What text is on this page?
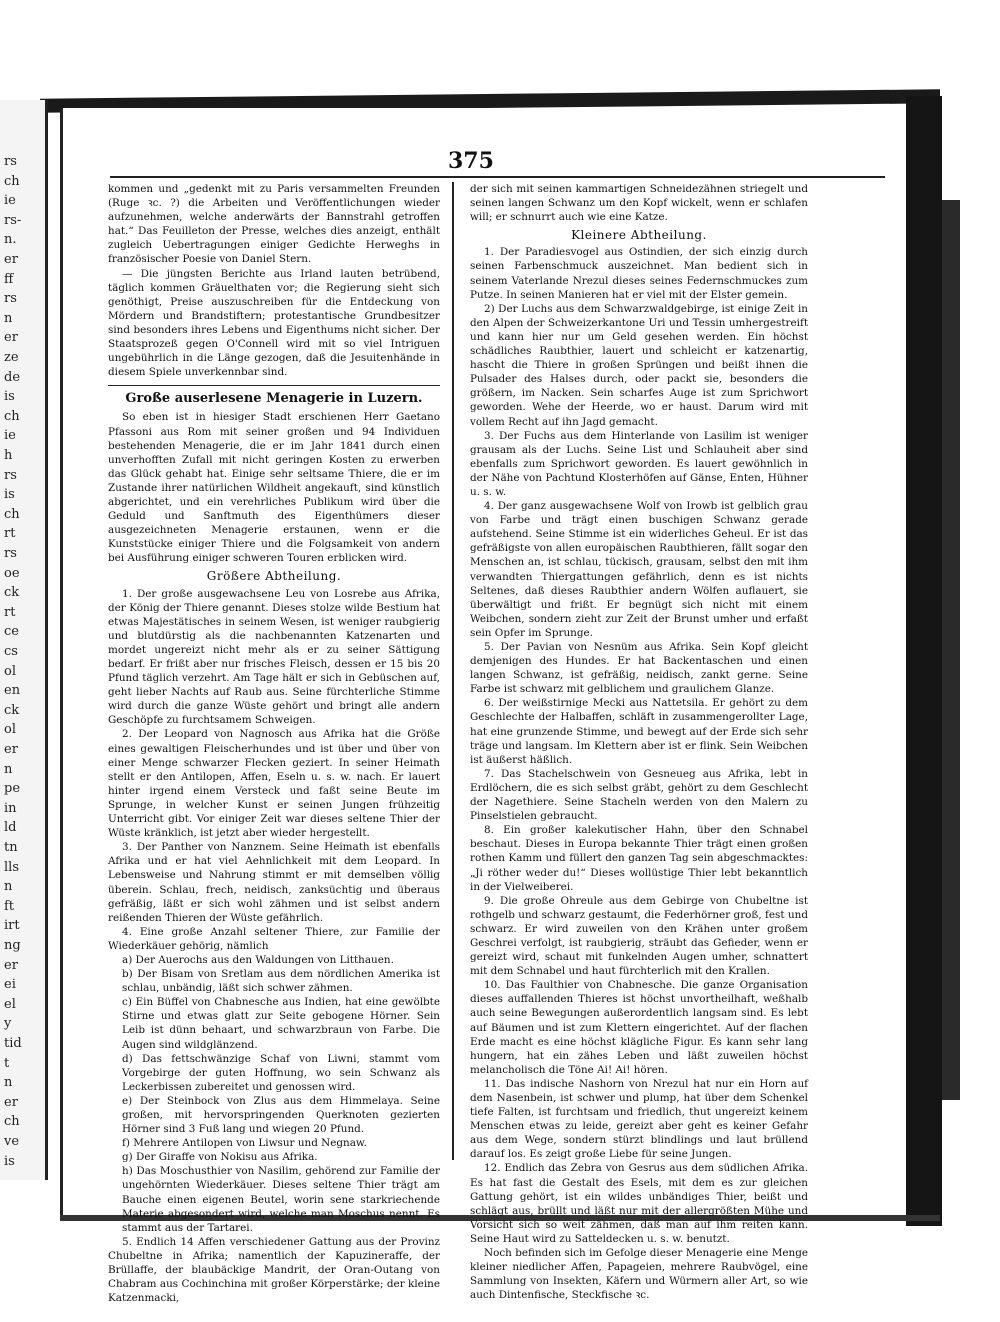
rs
ch
ie
rs-
n.
er
ff
rs
n
er
ze
de
is
ch
ie
h
rs
is
ch
rt
rs
oe
ck
rt
ce
cs
ol
en
ck
ol
er
n
pe
in
ld
tn
lls
n
ft
irt
ng
er
ei
el
y
tid
t
n
er
ch
ve
is
375

kommen und „gedenkt mit zu Paris versammelten Freunden (Ruge ꝛc. ?) die Arbeiten und Veröffentlichungen wieder aufzunehmen, welche anderwärts der Bannstrahl getroffen hat.“ Das Feuilleton der Presse, welches dies anzeigt, enthält zugleich Uebertragungen einiger Gedichte Herweghs in französischer Poesie von Daniel Stern.

— Die jüngsten Berichte aus Irland lauten betrübend, täglich kommen Gräuelthaten vor; die Regierung sieht sich genöthigt, Preise auszuschreiben für die Entdeckung von Mördern und Brandstiftern; protestantische Grundbesitzer sind besonders ihres Lebens und Eigenthums nicht sicher. Der Staatsprozeß gegen O'Connell wird mit so viel Intriguen ungebührlich in die Länge gezogen, daß die Jesuitenhände in diesem Spiele unverkennbar sind.

Große auserlesene Menagerie in Luzern.

So eben ist in hiesiger Stadt erschienen Herr Gaetano Pfassoni aus Rom mit seiner großen und 94 Individuen bestehenden Menagerie, die er im Jahr 1841 durch einen unverhofften Zufall mit nicht geringen Kosten zu erwerben das Glück gehabt hat. Einige sehr seltsame Thiere, die er im Zustande ihrer natürlichen Wildheit angekauft, sind künstlich abgerichtet, und ein verehrliches Publikum wird über die Geduld und Sanftmuth des Eigenthümers dieser ausgezeichneten Menagerie erstaunen, wenn er die Kunststücke einiger Thiere und die Folgsamkeit von andern bei Ausführung einiger schweren Touren erblicken wird.

Größere Abtheilung.

1. Der große ausgewachsene Leu von Losrebe aus Afrika, der König der Thiere genannt. Dieses stolze wilde Bestium hat etwas Majestätisches in seinem Wesen, ist weniger raubgierig und blutdürstig als die nachbenannten Katzenarten und mordet ungereizt nicht mehr als er zu seiner Sättigung bedarf. Er frißt aber nur frisches Fleisch, dessen er 15 bis 20 Pfund täglich verzehrt. Am Tage hält er sich in Gebüschen auf, geht lieber Nachts auf Raub aus. Seine fürchterliche Stimme wird durch die ganze Wüste gehört und bringt alle andern Geschöpfe zu furchtsamem Schweigen.

2. Der Leopard von Nagnosch aus Afrika hat die Größe eines gewaltigen Fleischerhundes und ist über und über von einer Menge schwarzer Flecken geziert. In seiner Heimath stellt er den Antilopen, Affen, Eseln u. s. w. nach. Er lauert hinter irgend einem Versteck und faßt seine Beute im Sprunge, in welcher Kunst er seinen Jungen frühzeitig Unterricht gibt. Vor einiger Zeit war dieses seltene Thier der Wüste kränklich, ist jetzt aber wieder hergestellt.

3. Der Panther von Nanznem. Seine Heimath ist ebenfalls Afrika und er hat viel Aehnlichkeit mit dem Leopard. In Lebensweise und Nahrung stimmt er mit demselben völlig überein. Schlau, frech, neidisch, zanksüchtig und überaus gefräßig, läßt er sich wohl zähmen und ist selbst andern reißenden Thieren der Wüste gefährlich.

4. Eine große Anzahl seltener Thiere, zur Familie der Wiederkäuer gehörig, nämlich

a) Der Auerochs aus den Waldungen von Litthauen.

b) Der Bisam von Sretlam aus dem nördlichen Amerika ist schlau, unbändig, läßt sich schwer zähmen.

c) Ein Büffel von Chabnesche aus Indien, hat eine gewölbte Stirne und etwas glatt zur Seite gebogene Hörner. Sein Leib ist dünn behaart, und schwarzbraun von Farbe. Die Augen sind wildglänzend.

d) Das fettschwänzige Schaf von Liwni, stammt vom Vorgebirge der guten Hoffnung, wo sein Schwanz als Leckerbissen zubereitet und genossen wird.

e) Der Steinbock von Zlus aus dem Himmelaya. Seine großen, mit hervorspringenden Querknoten gezierten Hörner sind 3 Fuß lang und wiegen 20 Pfund.

f) Mehrere Antilopen von Liwsur und Negnaw.

g) Der Giraffe von Nokisu aus Afrika.

h) Das Moschusthier von Nasilim, gehörend zur Familie der ungehörnten Wiederkäuer. Dieses seltene Thier trägt am Bauche einen eigenen Beutel, worin sene starkriechende Materie abgesondert wird, welche man Moschus nennt. Es stammt aus der Tartarei.

5. Endlich 14 Affen verschiedener Gattung aus der Provinz Chubeltne in Afrika; namentlich der Kapuzineraffe, der Brüllaffe, der blaubäckige Mandrit, der Oran-Outang von Chabram aus Cochinchina mit großer Körperstärke; der kleine Katzenmacki,

der sich mit seinen kammartigen Schneidezähnen striegelt und seinen langen Schwanz um den Kopf wickelt, wenn er schlafen will; er schnurrt auch wie eine Katze.

Kleinere Abtheilung.

1. Der Paradiesvogel aus Ostindien, der sich einzig durch seinen Farbenschmuck auszeichnet. Man bedient sich in seinem Vaterlande Nrezul dieses seines Federnschmuckes zum Putze. In seinen Manieren hat er viel mit der Elster gemein.

2) Der Luchs aus dem Schwarzwaldgebirge, ist einige Zeit in den Alpen der Schweizerkantone Uri und Tessin umhergestreift und kann hier nur um Geld gesehen werden. Ein höchst schädliches Raubthier, lauert und schleicht er katzenartig, hascht die Thiere in großen Sprüngen und beißt ihnen die Pulsader des Halses durch, oder packt sie, besonders die größern, im Nacken. Sein scharfes Auge ist zum Sprichwort geworden. Wehe der Heerde, wo er haust. Darum wird mit vollem Recht auf ihn Jagd gemacht.

3. Der Fuchs aus dem Hinterlande von Lasilim ist weniger grausam als der Luchs. Seine List und Schlauheit aber sind ebenfalls zum Sprichwort geworden. Es lauert gewöhnlich in der Nähe von Pachtund Klosterhöfen auf Gänse, Enten, Hühner u. s. w.

4. Der ganz ausgewachsene Wolf von Irowb ist gelblich grau von Farbe und trägt einen buschigen Schwanz gerade aufstehend. Seine Stimme ist ein widerliches Geheul. Er ist das gefräßigste von allen europäischen Raubthieren, fällt sogar den Menschen an, ist schlau, tückisch, grausam, selbst den mit ihm verwandten Thiergattungen gefährlich, denn es ist nichts Seltenes, daß dieses Raubthier andern Wölfen auflauert, sie überwältigt und frißt. Er begnügt sich nicht mit einem Weibchen, sondern zieht zur Zeit der Brunst umher und erfaßt sein Opfer im Sprunge.

5. Der Pavian von Nesnüm aus Afrika. Sein Kopf gleicht demjenigen des Hundes. Er hat Backentaschen und einen langen Schwanz, ist gefräßig, neidisch, zankt gerne. Seine Farbe ist schwarz mit gelblichem und graulichem Glanze.

6. Der weißstirnige Mecki aus Nattetsila. Er gehört zu dem Geschlechte der Halbaffen, schläft in zusammengerollter Lage, hat eine grunzende Stimme, und bewegt auf der Erde sich sehr träge und langsam. Im Klettern aber ist er flink. Sein Weibchen ist äußerst häßlich.

7. Das Stachelschwein von Gesneueg aus Afrika, lebt in Erdlöchern, die es sich selbst gräbt, gehört zu dem Geschlecht der Nagethiere. Seine Stacheln werden von den Malern zu Pinselstielen gebraucht.

8. Ein großer kalekutischer Hahn, über den Schnabel beschaut. Dieses in Europa bekannte Thier trägt einen großen rothen Kamm und füllert den ganzen Tag sein abgeschmacktes: „Ji röther weder du!“ Dieses wollüstige Thier lebt bekanntlich in der Vielweiberei.

9. Die große Ohreule aus dem Gebirge von Chubeltne ist rothgelb und schwarz gestaumt, die Federhörner groß, fest und schwarz. Er wird zuweilen von den Krähen unter großem Geschrei verfolgt, ist raubgierig, sträubt das Gefieder, wenn er gereizt wird, schaut mit funkelnden Augen umher, schnattert mit dem Schnabel und haut fürchterlich mit den Krallen.

10. Das Faulthier von Chabnesche. Die ganze Organisation dieses auffallenden Thieres ist höchst unvortheilhaft, weßhalb auch seine Bewegungen außerordentlich langsam sind. Es lebt auf Bäumen und ist zum Klettern eingerichtet. Auf der flachen Erde macht es eine höchst klägliche Figur. Es kann sehr lang hungern, hat ein zähes Leben und läßt zuweilen höchst melancholisch die Töne Ai! Ai! hören.

11. Das indische Nashorn von Nrezul hat nur ein Horn auf dem Nasenbein, ist schwer und plump, hat über dem Schenkel tiefe Falten, ist furchtsam und friedlich, thut ungereizt keinem Menschen etwas zu leide, gereizt aber geht es keiner Gefahr aus dem Wege, sondern stürzt blindlings und laut brüllend darauf los. Es zeigt große Liebe für seine Jungen.

12. Endlich das Zebra von Gesrus aus dem südlichen Afrika. Es hat fast die Gestalt des Esels, mit dem es zur gleichen Gattung gehört, ist ein wildes unbändiges Thier, beißt und schlägt aus, brüllt und läßt nur mit der allergrößten Mühe und Vorsicht sich so weit zähmen, daß man auf ihm reiten kann. Seine Haut wird zu Satteldecken u. s. w. benutzt.

Noch befinden sich im Gefolge dieser Menagerie eine Menge kleiner niedlicher Affen, Papageien, mehrere Raubvögel, eine Sammlung von Insekten, Käfern und Würmern aller Art, so wie auch Dintenfische, Steckfische ꝛc.
